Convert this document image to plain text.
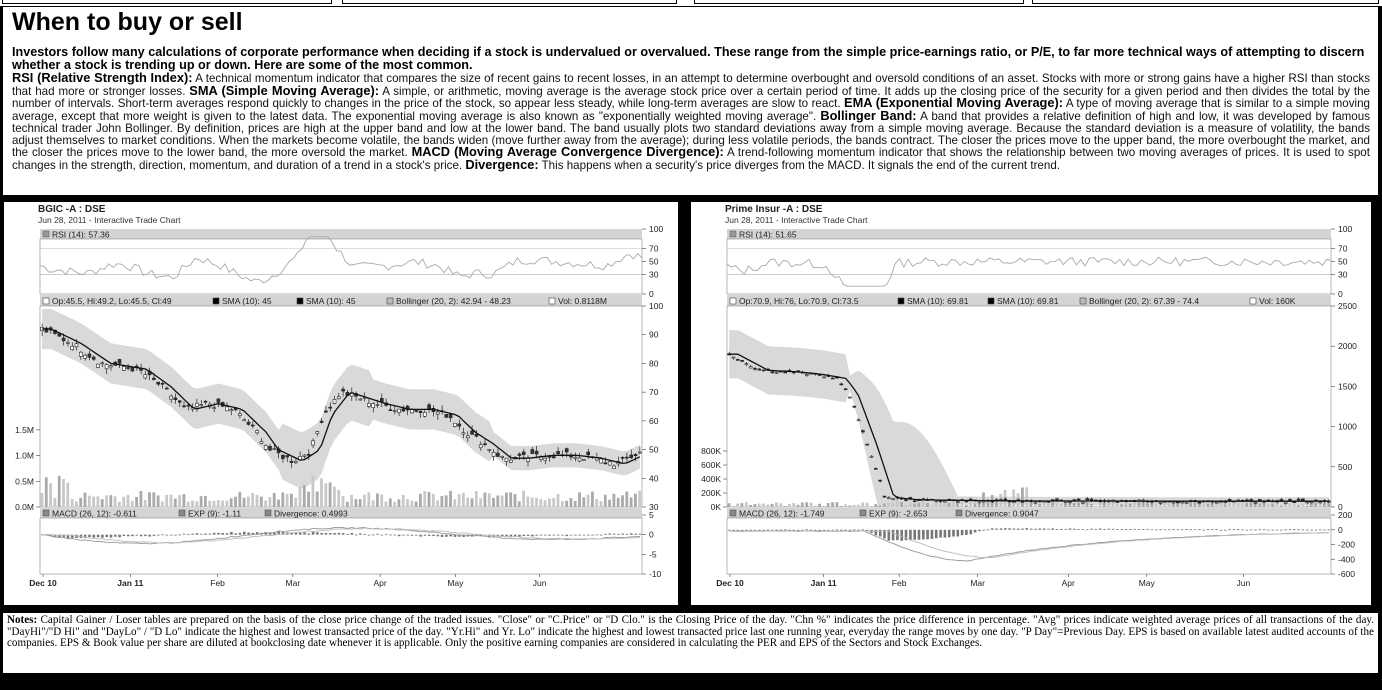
When to buy or sell
Investors follow many calculations of corporate performance when deciding if a stock is undervalued or overvalued. These range from the simple price-earnings ratio, or P/E, to far more technical ways of attempting to discern whether a stock is trending up or down. Here are some of the most common.
RSI (Relative Strength Index): A technical momentum indicator that compares the size of recent gains to recent losses, in an attempt to determine overbought and oversold conditions of an asset. Stocks with more or strong gains have a higher RSI than stocks that had more or stronger losses. SMA (Simple Moving Average): A simple, or arithmetic, moving average is the average stock price over a certain period of time. It adds up the closing price of the security for a given period and then divides the total by the number of intervals. Short-term averages respond quickly to changes in the price of the stock, so appear less steady, while long-term averages are slow to react. EMA (Exponential Moving Average): A type of moving average that is similar to a simple moving average, except that more weight is given to the latest data. The exponential moving average is also known as "exponentially weighted moving average". Bollinger Band: A band that provides a relative definition of high and low, it was developed by famous technical trader John Bollinger. By definition, prices are high at the upper band and low at the lower band. The band usually plots two standard deviations away from a simple moving average. Because the standard deviation is a measure of volatility, the bands adjust themselves to market conditions. When the markets become volatile, the bands widen (move further away from the average); during less volatile periods, the bands contract. The closer the prices move to the upper band, the more overbought the market, and the closer the prices move to the lower band, the more oversold the market. MACD (Moving Average Convergence Divergence): A trend-following momentum indicator that shows the relationship between two moving averages of prices. It is used to spot changes in the strength, direction, momentum, and duration of a trend in a stock's price. Divergence: This happens when a security's price diverges from the MACD. It signals the end of the current trend.
BGIC -A : DSE
Jun 28, 2011 - Interactive Trade Chart
RSI (14): 57.36
100
70
50
30
0
Op:45.5, Hi:49.2, Lo:45.5, Cl:49	SMA (10): 45	SMA (10): 45	Bollinger (20, 2): 42.94 - 48.23	Vol: 0.8118M	100
90
80
70
60
50
40
30
1.5M
1.0M
0.5M
0.0M
MACD (26, 12): -0.611	EXP (9): -1.11	Divergence: 0.4993	5
0
-5
-10
Dec 10	Jan 11	Feb	Mar	Apr	May	Jun
Prime Insur -A : DSE
Jun 28, 2011 - Interactive Trade Chart
RSI (14): 51.65
100
70
50
30
0
Op:70.9, Hi:76, Lo:70.9, Cl:73.5	SMA (10): 69.81	SMA (10): 69.81	Bollinger (20, 2): 67.39 - 74.4	Vol: 160K	2500
2000
1500
1000
500
0
800K
600K
400K
200K
0K
MACD (26, 12): -1.749	EXP (9): -2.653	Divergence: 0.9047	200
0
-200
-400
-600
Dec 10	Jan 11	Feb	Mar	Apr	May	Jun
Notes: Capital Gainer / Loser tables are prepared on the basis of the close price change of the traded issues. "Close" or "C.Price" or "D Clo." is the Closing Price of the day. "Chn %" indicates the price difference in percentage. "Avg" prices indicate weighted average prices of all transactions of the day. "DayHi"/"D Hi" and "DayLo" / "D Lo" indicate the highest and lowest transacted price of the day. "Yr.Hi" and Yr. Lo" indicate the highest and lowest transacted price last one running year, everyday the range moves by one day. "P Day"=Previous Day. EPS is based on available latest audited accounts of the companies. EPS & Book value per share are diluted at bookclosing date whenever it is applicable. Only the positive earning companies are considered in calculating the PER and EPS of the Sectors and Stock Exchanges.
